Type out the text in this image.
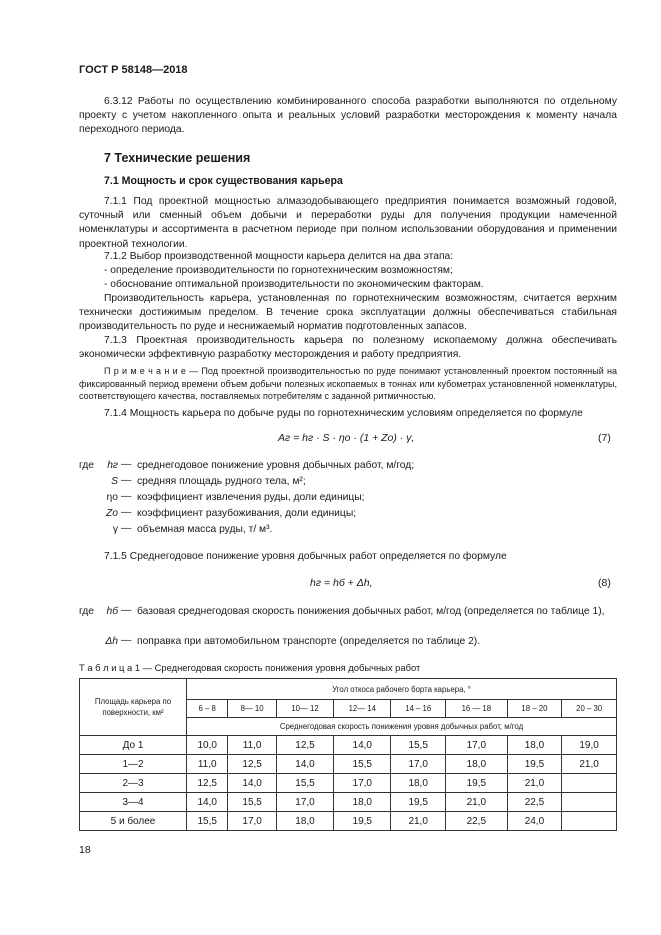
ГОСТ Р 58148—2018
6.3.12 Работы по осуществлению комбинированного способа разработки выполняются по отдельному проекту с учетом накопленного опыта и реальных условий разработки месторождения к моменту начала переходного периода.
7 Технические решения
7.1 Мощность и срок существования карьера
7.1.1 Под проектной мощностью алмазодобывающего предприятия понимается возможный годовой, суточный или сменный объем добычи и переработки руды для получения продукции намеченной номенклатуры и ассортимента в расчетном периоде при полном использовании оборудования и применении проектной технологии.
7.1.2 Выбор производственной мощности карьера делится на два этапа:
- определение производительности по горнотехническим возможностям;
- обоснование оптимальной производительности по экономическим факторам.
Производительность карьера, установленная по горнотехническим возможностям, считается верхним технически достижимым пределом. В течение срока эксплуатации должны обеспечиваться стабильная производительность по руде и неснижаемый норматив подготовленных запасов.
7.1.3 Проектная производительность карьера по полезному ископаемому должна обеспечивать экономически эффективную разработку месторождения и работу предприятия.
П р и м е ч а н и е — Под проектной производительностью по руде понимают установленный проектом постоянный на фиксированный период времени объем добычи полезных ископаемых в тоннах или кубометрах установленной номенклатуры, соответствующего качества, поставляемых потребителям с заданной ритмичностью.
7.1.4 Мощность карьера по добыче руды по горнотехническим условиям определяется по формуле
Aг = hг · S · ηо · (1 + Zо) · γ,	(7)
где	hг — среднегодовое понижение уровня добычных работ, м/год;
S — средняя площадь рудного тела, м²;
ηо — коэффициент извлечения руды, доли единицы;
Zо — коэффициент разубоживания, доли единицы;
γ — объемная масса руды, т/ м³.
7.1.5 Среднегодовое понижение уровня добычных работ определяется по формуле
hг = hб + Δh,	(8)
где	hб — базовая среднегодовая скорость понижения добычных работ, м/год (определяется по таблице 1),
Δh — поправка при автомобильном транспорте (определяется по таблице 2).
Т а б л и ц а 1 — Среднегодовая скорость понижения уровня добычных работ
Площадь карьера по поверхности, км²	Угол откоса рабочего борта карьера, °							
	6 – 8	8— 10	10— 12	12— 14	14 – 16	16 — 18	18 – 20	20 – 30
	Среднегодовая скорость понижения уровня добычных работ, м/год							
До 1	10,0	11,0	12,5	14,0	15,5	17,0	18,0	19,0
1—2	11,0	12,5	14,0	15,5	17,0	18,0	19,5	21,0
2—3	12,5	14,0	15,5	17,0	18,0	19,5	21,0	
3—4	14,0	15,5	17,0	18,0	19,5	21,0	22,5	
5 и более	15,5	17,0	18,0	19,5	21,0	22,5	24,0	
18
